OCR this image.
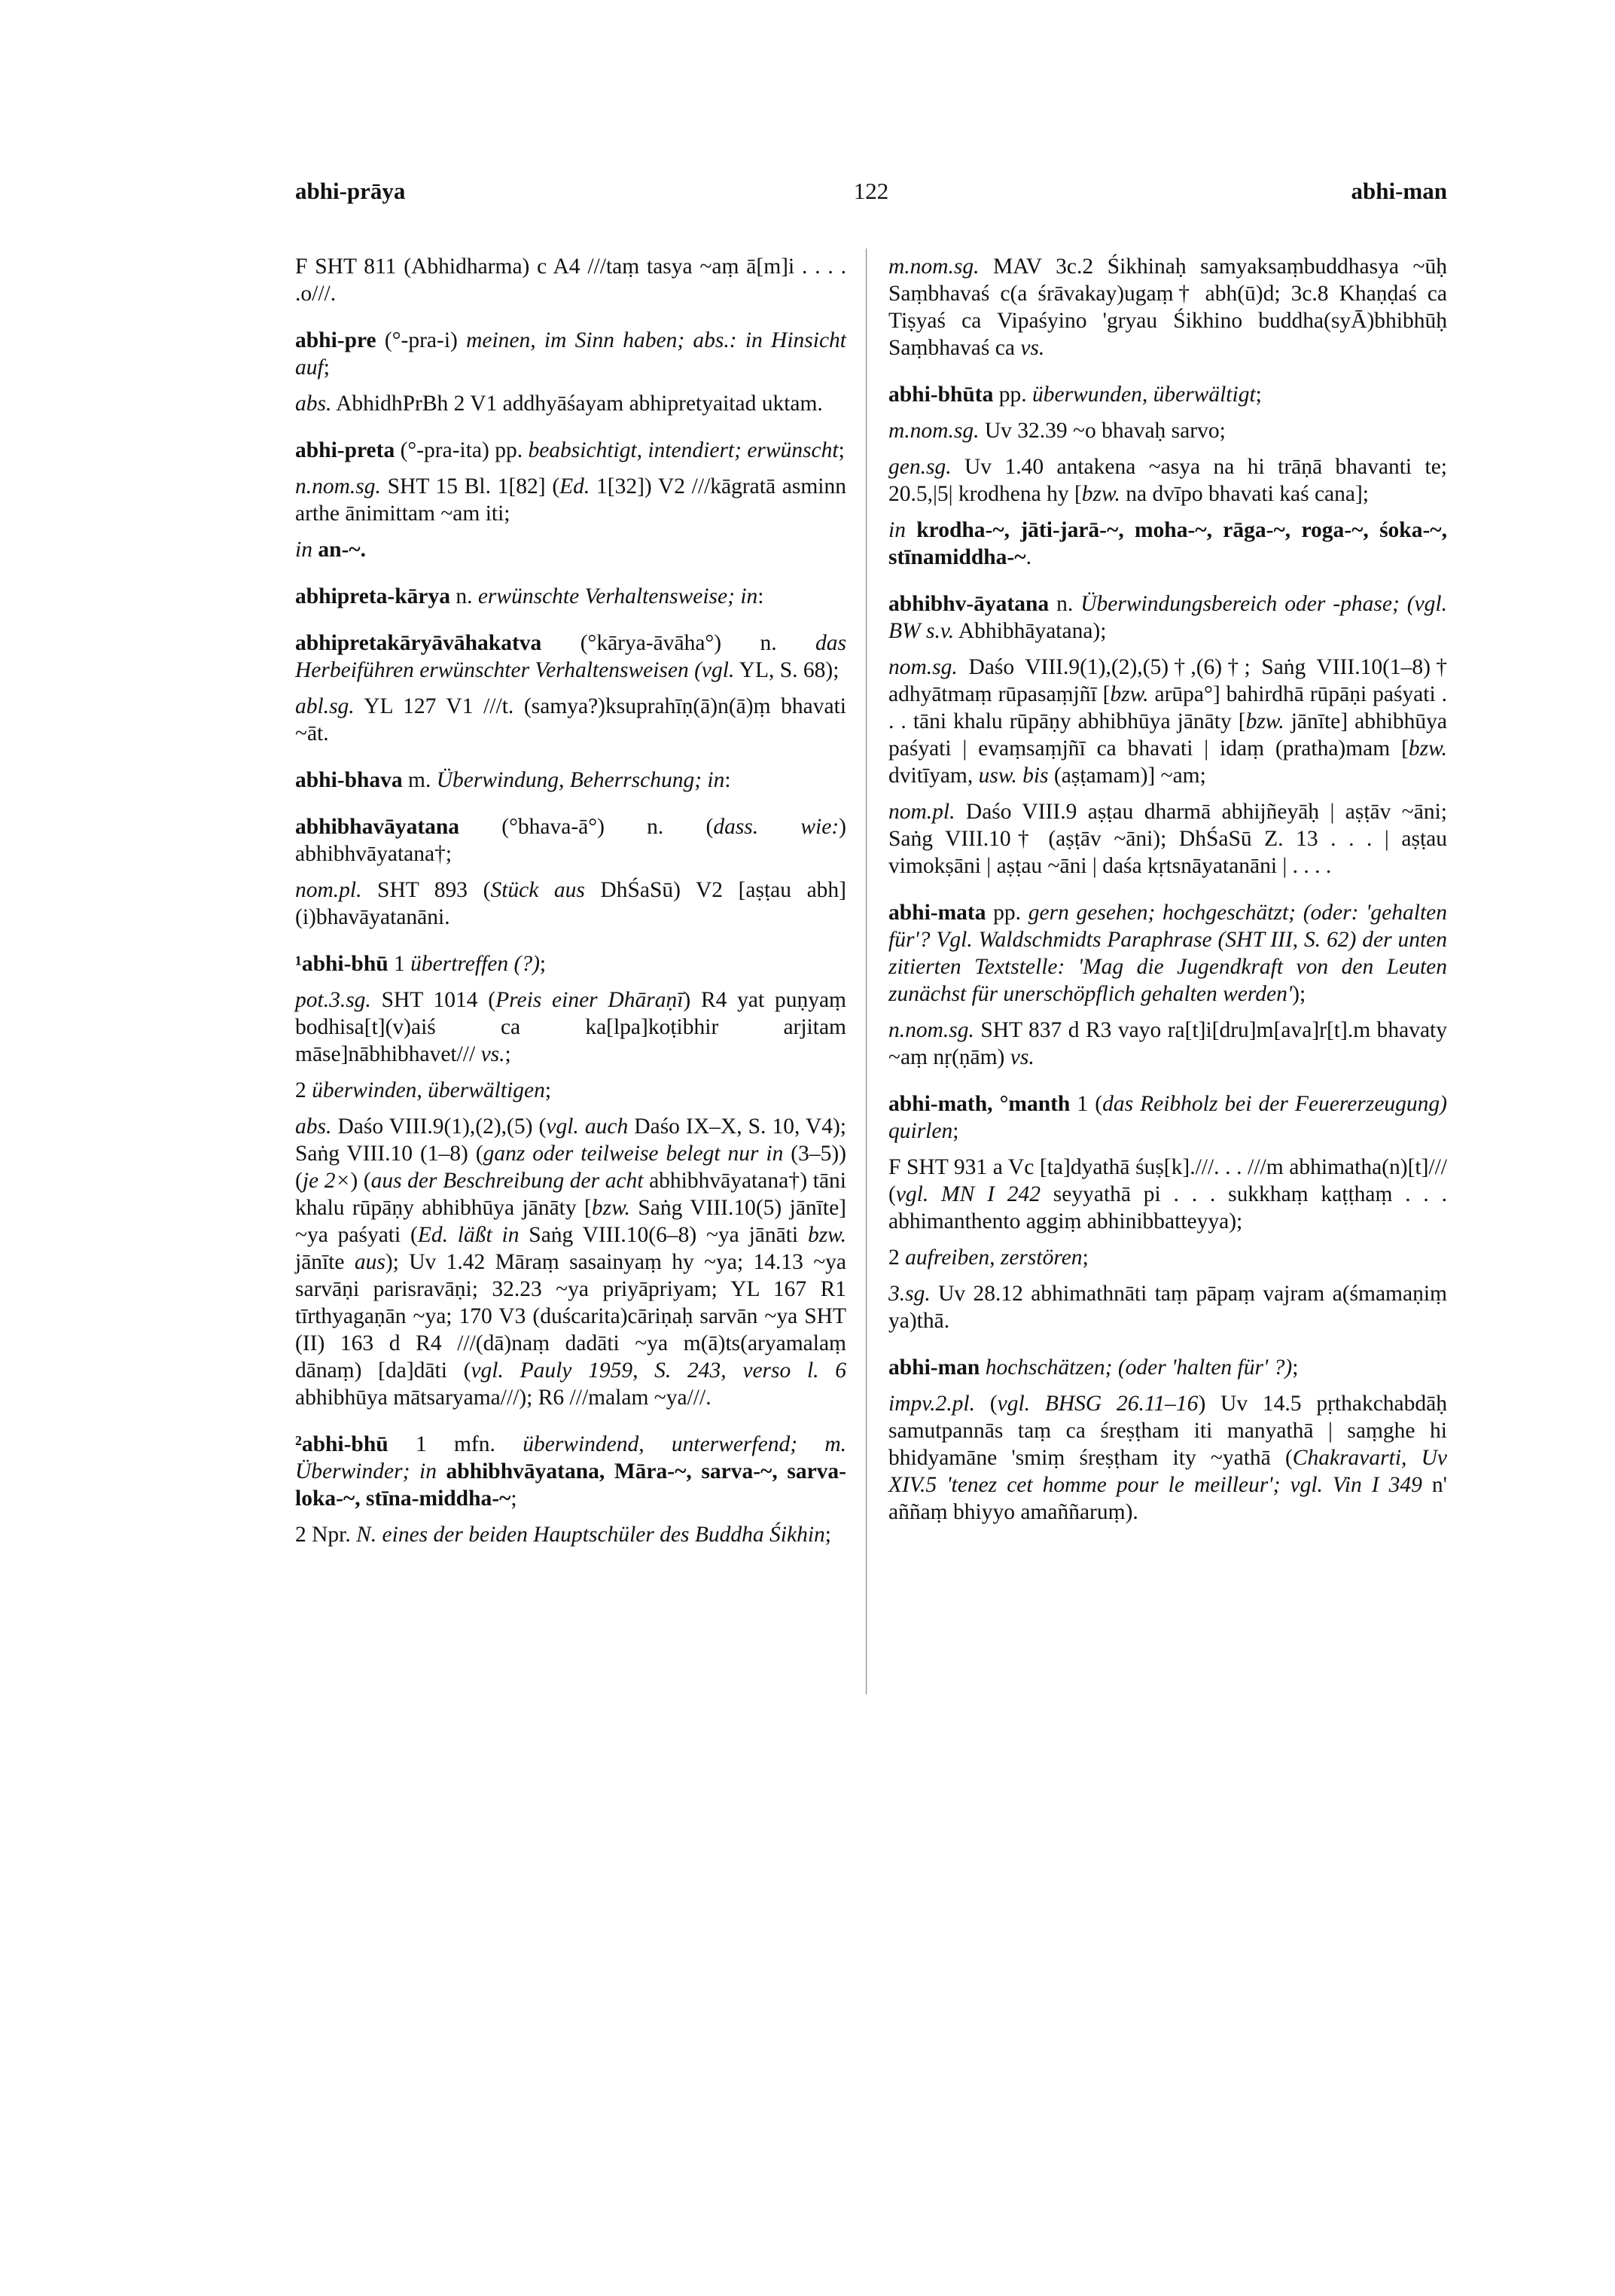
abhi-prāya	122	abhi-man

F SHT 811 (Abhidharma) c A4 ///taṃ tasya ~aṃ ā[m]i . . . . .o///.

abhi-pre (°-pra-i) meinen, im Sinn haben; abs.: in Hinsicht auf;

abs. AbhidhPrBh 2 V1 addhyāśayam abhipretyaitad uktam.

abhi-preta (°-pra-ita) pp. beabsichtigt, intendiert; erwünscht;

n.nom.sg. SHT 15 Bl. 1[82] (Ed. 1[32]) V2 ///kāgratā asminn arthe ānimittam ~am iti;

in an-~.

abhipreta-kārya n. erwünschte Verhaltensweise; in:

abhipretakāryāvāhakatva (°kārya-āvāha°) n. das Herbeiführen erwünschter Verhaltensweisen (vgl. YL, S. 68);

abl.sg. YL 127 V1 ///t. (samya?)ksuprahīṇ(ā)n(ā)ṃ bhavati ~āt.

abhi-bhava m. Überwindung, Beherrschung; in:

abhibhavāyatana (°bhava-ā°) n. (dass. wie:) abhibhvāyatana†;

nom.pl. SHT 893 (Stück aus DhŚaSū) V2 [aṣṭau abh](i)bhavāyatanāni.

¹abhi-bhū 1 übertreffen (?);

pot.3.sg. SHT 1014 (Preis einer Dhāraṇī) R4 yat puṇyaṃ bodhisa[t](v)aiś ca ka[lpa]koṭibhir arjitam māse]nābhibhavet/// vs.;

2 überwinden, überwältigen;

abs. Daśo VIII.9(1),(2),(5) (vgl. auch Daśo IX–X, S. 10, V4); Saṅg VIII.10 (1–8) (ganz oder teilweise belegt nur in (3–5)) (je 2×) (aus der Beschreibung der acht abhibhvāyatana†) tāni khalu rūpāṇy abhibhūya jānāty [bzw. Saṅg VIII.10(5) jānīte] ~ya paśyati (Ed. läßt in Saṅg VIII.10(6–8) ~ya jānāti bzw. jānīte aus); Uv 1.42 Māraṃ sasainyaṃ hy ~ya; 14.13 ~ya sarvāṇi parisravāṇi; 32.23 ~ya priyāpriyam; YL 167 R1 tīrthyagaṇān ~ya; 170 V3 (duścarita)cāriṇaḥ sarvān ~ya SHT (II) 163 d R4 ///(dā)naṃ dadāti ~ya m(ā)ts(aryamalaṃ dānaṃ) [da]dāti (vgl. Pauly 1959, S. 243, verso l. 6 abhibhūya mātsaryama///); R6 ///malam ~ya///.

²abhi-bhū 1 mfn. überwindend, unterwerfend; m. Überwinder; in abhibhvāyatana, Māra-~, sarva-~, sarva-loka-~, stīna-middha-~;

2 Npr. N. eines der beiden Hauptschüler des Buddha Śikhin;

m.nom.sg. MAV 3c.2 Śikhinaḥ samyaksaṃbuddhasya ~ūḥ Saṃbhavaś c(a śrāvakay)ugaṃ† abh(ū)d; 3c.8 Khaṇḍaś ca Tiṣyaś ca Vipaśyino 'gryau Śikhino buddha(syĀ)bhibhūḥ Saṃbhavaś ca vs.

abhi-bhūta pp. überwunden, überwältigt;

m.nom.sg. Uv 32.39 ~o bhavaḥ sarvo;

gen.sg. Uv 1.40 antakena ~asya na hi trāṇā bhavanti te; 20.5,|5| krodhena hy [bzw. na dvīpo bhavati kaś cana];

in krodha-~, jāti-jarā-~, moha-~, rāga-~, roga-~, śoka-~, stīnamiddha-~.

abhibhv-āyatana n. Überwindungsbereich oder -phase; (vgl. BW s.v. Abhibhāyatana);

nom.sg. Daśo VIII.9(1),(2),(5)†,(6)†; Saṅg VIII.10(1–8)† adhyātmaṃ rūpasaṃjñī [bzw. arūpa°] bahirdhā rūpāṇi paśyati . . . tāni khalu rūpāṇy abhibhūya jānāty [bzw. jānīte] abhibhūya paśyati | evaṃsaṃjñī ca bhavati | idaṃ (pratha)mam [bzw. dvitīyam, usw. bis (aṣṭamam)] ~am;

nom.pl. Daśo VIII.9 aṣṭau dharmā abhijñeyāḥ | aṣṭāv ~āni; Saṅg VIII.10† (aṣṭāv ~āni); DhŚaSū Z. 13 . . . | aṣṭau vimokṣāni | aṣṭau ~āni | daśa kṛtsnāyatanāni | . . . .

abhi-mata pp. gern gesehen; hochgeschätzt; (oder: 'gehalten für'? Vgl. Waldschmidts Paraphrase (SHT III, S. 62) der unten zitierten Textstelle: 'Mag die Jugendkraft von den Leuten zunächst für unerschöpflich gehalten werden');

n.nom.sg. SHT 837 d R3 vayo ra[t]i[dru]m[ava]r[t].m bhavaty ~aṃ nṛ(ṇām) vs.

abhi-math, °manth 1 (das Reibholz bei der Feuererzeugung) quirlen;

F SHT 931 a Vc [ta]dyathā śuṣ[k].///. . . ///m abhimatha(n)[t]/// (vgl. MN I 242 seyyathā pi . . . sukkhaṃ kaṭṭhaṃ . . . abhimanthento aggiṃ abhinibbatteyya);

2 aufreiben, zerstören;

3.sg. Uv 28.12 abhimathnāti taṃ pāpaṃ vajram a(śmamaṇiṃ ya)thā.

abhi-man hochschätzen; (oder 'halten für' ?);

impv.2.pl. (vgl. BHSG 26.11–16) Uv 14.5 pṛthakchabdāḥ samutpannās taṃ ca śreṣṭham iti manyathā | saṃghe hi bhidyamāne 'smiṃ śreṣṭham ity ~yathā (Chakravarti, Uv XIV.5 'tenez cet homme pour le meilleur'; vgl. Vin I 349 n' aññaṃ bhiyyo amaññaruṃ).
